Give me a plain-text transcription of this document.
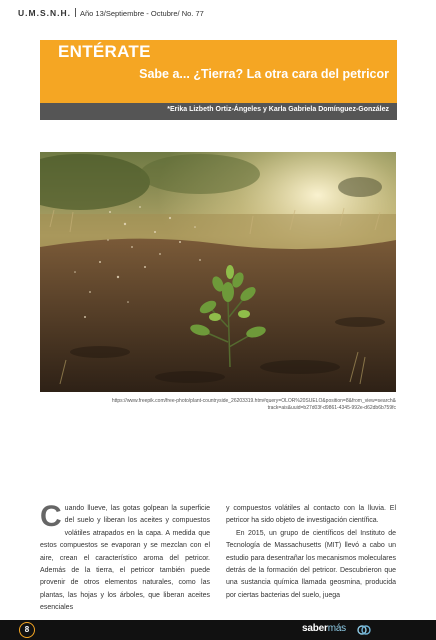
U.M.S.N.H. Año 13/Septiembre - Octubre/ No. 77
ENTÉRATE
Sabe a... ¿Tierra? La otra cara del petricor
*Erika Lizbeth Ortiz-Ángeles y Karla Gabriela Domínguez-González
https://www.freepik.com/free-photo/plant-countryside_26203319.htm#query=OLOR%20SUELO&position=8&from_view=search&
track=ais&uuid=b27d03f-d9861-4345-992e-d62db6b759fc

Cuando llueve, las gotas golpean la superficie del suelo y liberan los aceites y compuestos volátiles atrapados en la capa. A medida que estos compuestos se evaporan y se mezclan con el aire, crean el característico aroma del petricor. Además de la tierra, el petricor también puede provenir de otros elementos naturales, como las plantas, las hojas y los árboles, que liberan aceites esenciales

y compuestos volátiles al contacto con la lluvia. El petricor ha sido objeto de investigación científica.

En 2015, un grupo de científicos del Instituto de Tecnología de Massachusetts (MIT) llevó a cabo un estudio para desentrañar los mecanismos moleculares detrás de la formación del petricor. Descubrieron que una sustancia química llamada geosmina, producida por ciertas bacterias del suelo, juega

8	sabermás
